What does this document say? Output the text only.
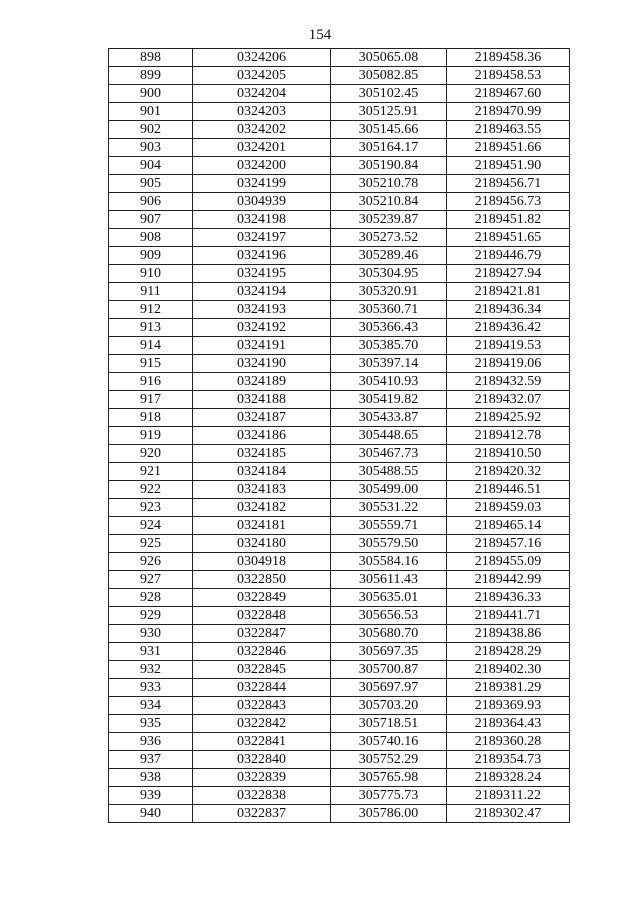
154
898	0324206	305065.08	2189458.36
899	0324205	305082.85	2189458.53
900	0324204	305102.45	2189467.60
901	0324203	305125.91	2189470.99
902	0324202	305145.66	2189463.55
903	0324201	305164.17	2189451.66
904	0324200	305190.84	2189451.90
905	0324199	305210.78	2189456.71
906	0304939	305210.84	2189456.73
907	0324198	305239.87	2189451.82
908	0324197	305273.52	2189451.65
909	0324196	305289.46	2189446.79
910	0324195	305304.95	2189427.94
911	0324194	305320.91	2189421.81
912	0324193	305360.71	2189436.34
913	0324192	305366.43	2189436.42
914	0324191	305385.70	2189419.53
915	0324190	305397.14	2189419.06
916	0324189	305410.93	2189432.59
917	0324188	305419.82	2189432.07
918	0324187	305433.87	2189425.92
919	0324186	305448.65	2189412.78
920	0324185	305467.73	2189410.50
921	0324184	305488.55	2189420.32
922	0324183	305499.00	2189446.51
923	0324182	305531.22	2189459.03
924	0324181	305559.71	2189465.14
925	0324180	305579.50	2189457.16
926	0304918	305584.16	2189455.09
927	0322850	305611.43	2189442.99
928	0322849	305635.01	2189436.33
929	0322848	305656.53	2189441.71
930	0322847	305680.70	2189438.86
931	0322846	305697.35	2189428.29
932	0322845	305700.87	2189402.30
933	0322844	305697.97	2189381.29
934	0322843	305703.20	2189369.93
935	0322842	305718.51	2189364.43
936	0322841	305740.16	2189360.28
937	0322840	305752.29	2189354.73
938	0322839	305765.98	2189328.24
939	0322838	305775.73	2189311.22
940	0322837	305786.00	2189302.47
